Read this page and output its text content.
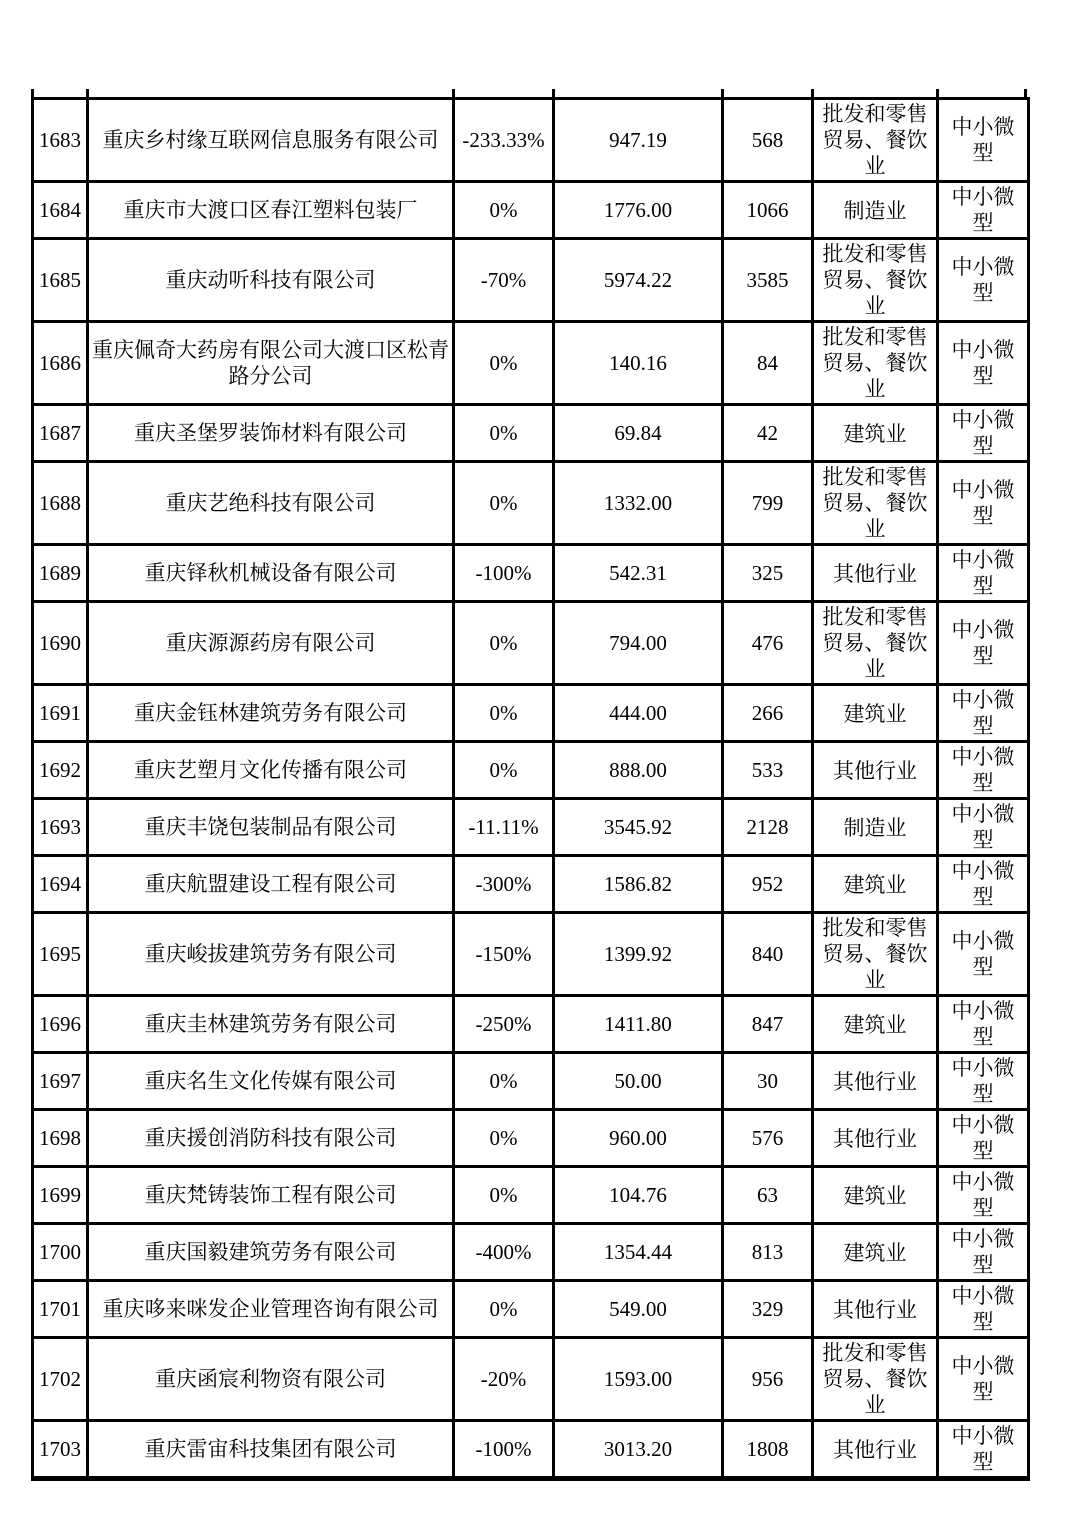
1683	重庆乡村缘互联网信息服务有限公司	-233.33%	947.19	568	批发和零售贸易、餐饮业	中小微型
1684	重庆市大渡口区春江塑料包装厂	0%	1776.00	1066	制造业	中小微型
1685	重庆动听科技有限公司	-70%	5974.22	3585	批发和零售贸易、餐饮业	中小微型
1686	重庆佩奇大药房有限公司大渡口区松青路分公司	0%	140.16	84	批发和零售贸易、餐饮业	中小微型
1687	重庆圣堡罗装饰材料有限公司	0%	69.84	42	建筑业	中小微型
1688	重庆艺绝科技有限公司	0%	1332.00	799	批发和零售贸易、餐饮业	中小微型
1689	重庆铎秋机械设备有限公司	-100%	542.31	325	其他行业	中小微型
1690	重庆源源药房有限公司	0%	794.00	476	批发和零售贸易、餐饮业	中小微型
1691	重庆金钰林建筑劳务有限公司	0%	444.00	266	建筑业	中小微型
1692	重庆艺塑月文化传播有限公司	0%	888.00	533	其他行业	中小微型
1693	重庆丰饶包装制品有限公司	-11.11%	3545.92	2128	制造业	中小微型
1694	重庆航盟建设工程有限公司	-300%	1586.82	952	建筑业	中小微型
1695	重庆峻拔建筑劳务有限公司	-150%	1399.92	840	批发和零售贸易、餐饮业	中小微型
1696	重庆圭林建筑劳务有限公司	-250%	1411.80	847	建筑业	中小微型
1697	重庆名生文化传媒有限公司	0%	50.00	30	其他行业	中小微型
1698	重庆援创消防科技有限公司	0%	960.00	576	其他行业	中小微型
1699	重庆梵铸装饰工程有限公司	0%	104.76	63	建筑业	中小微型
1700	重庆国毅建筑劳务有限公司	-400%	1354.44	813	建筑业	中小微型
1701	重庆哆来咪发企业管理咨询有限公司	0%	549.00	329	其他行业	中小微型
1702	重庆函宸利物资有限公司	-20%	1593.00	956	批发和零售贸易、餐饮业	中小微型
1703	重庆雷宙科技集团有限公司	-100%	3013.20	1808	其他行业	中小微型
